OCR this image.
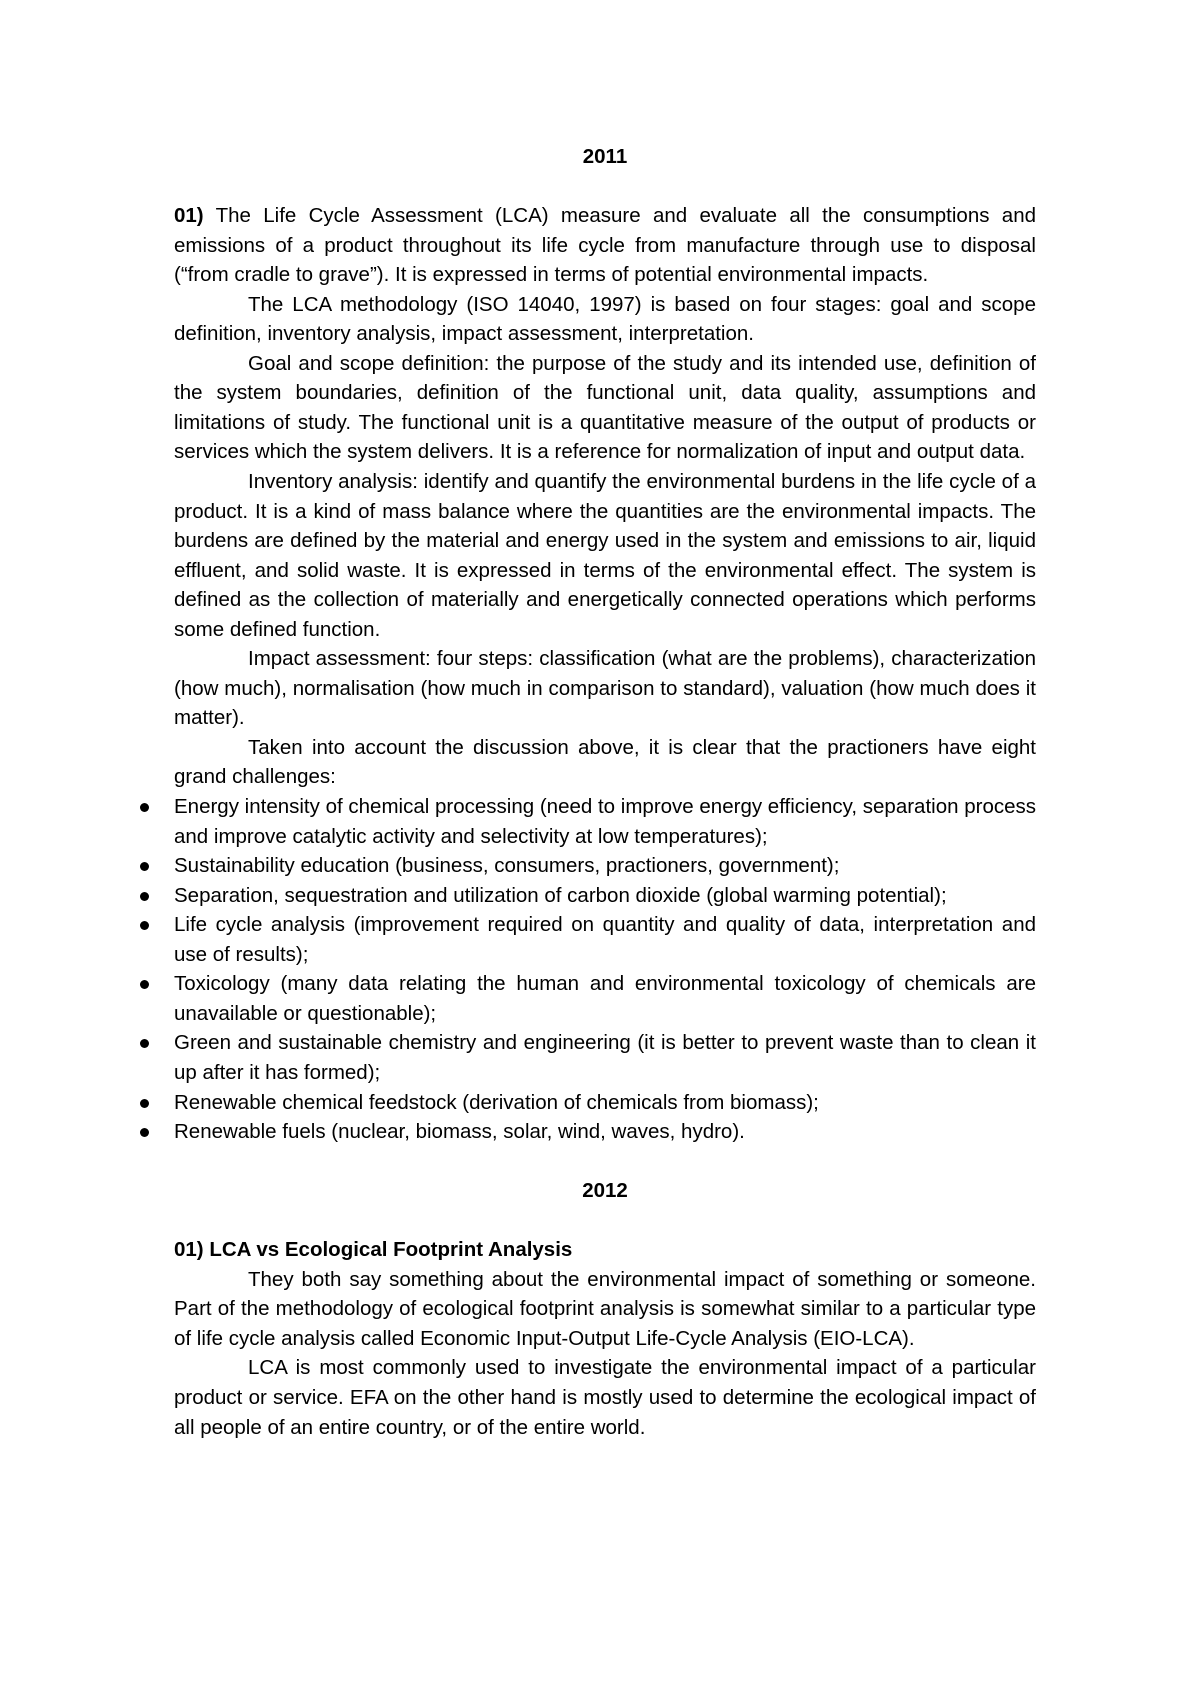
2011

01) The Life Cycle Assessment (LCA) measure and evaluate all the consumptions and emissions of a product throughout its life cycle from manufacture through use to disposal (“from cradle to grave”). It is expressed in terms of potential environmental impacts.

The LCA methodology (ISO 14040, 1997) is based on four stages: goal and scope definition, inventory analysis, impact assessment, interpretation.

Goal and scope definition: the purpose of the study and its intended use, definition of the system boundaries, definition of the functional unit, data quality, assumptions and limitations of study. The functional unit is a quantitative measure of the output of products or services which the system delivers. It is a reference for normalization of input and output data.

Inventory analysis: identify and quantify the environmental burdens in the life cycle of a product. It is a kind of mass balance where the quantities are the environmental impacts. The burdens are defined by the material and energy used in the system and emissions to air, liquid effluent, and solid waste. It is expressed in terms of the environmental effect. The system is defined as the collection of materially and energetically connected operations which performs some defined function.

Impact assessment: four steps: classification (what are the problems), characterization (how much), normalisation (how much in comparison to standard), valuation (how much does it matter).

Taken into account the discussion above, it is clear that the practioners have eight grand challenges:

Energy intensity of chemical processing (need to improve energy efficiency, separation process and improve catalytic activity and selectivity at low temperatures);
Sustainability education (business, consumers, practioners, government);
Separation, sequestration and utilization of carbon dioxide (global warming potential);
Life cycle analysis (improvement required on quantity and quality of data, interpretation and use of results);
Toxicology (many data relating the human and environmental toxicology of chemicals are unavailable or questionable);
Green and sustainable chemistry and engineering (it is better to prevent waste than to clean it up after it has formed);
Renewable chemical feedstock (derivation of chemicals from biomass);
Renewable fuels (nuclear, biomass, solar, wind, waves, hydro).
2012

01) LCA vs Ecological Footprint Analysis

They both say something about the environmental impact of something or someone. Part of the methodology of ecological footprint analysis is somewhat similar to a particular type of life cycle analysis called Economic Input-Output Life-Cycle Analysis (EIO-LCA).

LCA is most commonly used to investigate the environmental impact of a particular product or service. EFA on the other hand is mostly used to determine the ecological impact of all people of an entire country, or of the entire world.
